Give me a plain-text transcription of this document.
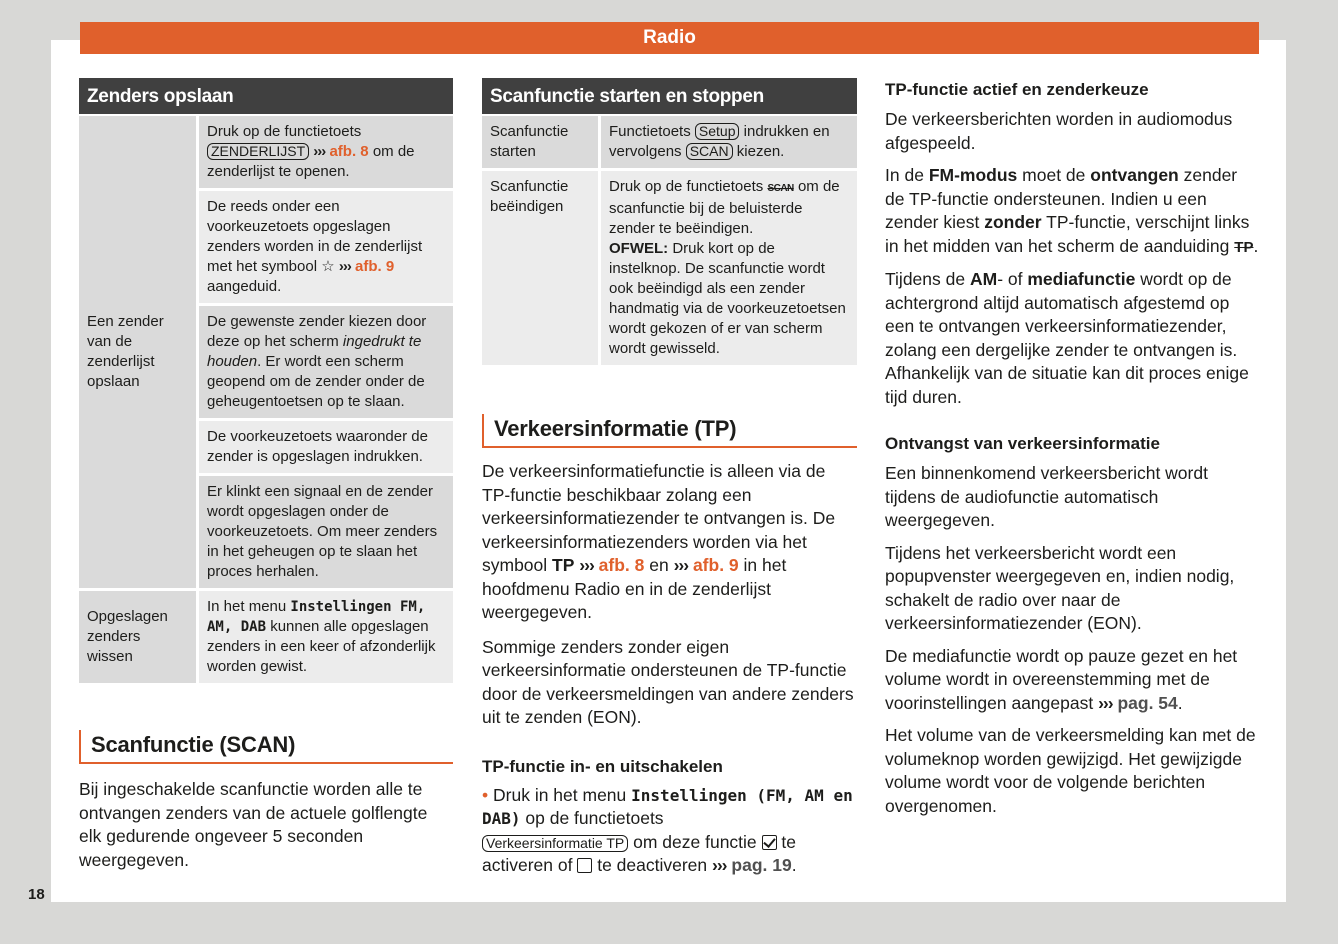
Radio
18
Zenders opslaan
Een zender van de zenderlijst opslaan	Druk op de functietoets ZENDERLIJST ››› afb. 8 om de zenderlijst te openen.
	De reeds onder een voorkeuzetoets opgeslagen zenders worden in de zenderlijst met het symbool ☆ ››› afb. 9 aangeduid.
	De gewenste zender kiezen door deze op het scherm ingedrukt te houden. Er wordt een scherm geopend om de zender onder de geheugentoetsen op te slaan.
	De voorkeuzetoets waaronder de zender is opgeslagen indrukken.
	Er klinkt een signaal en de zender wordt opgeslagen onder de voorkeuzetoets. Om meer zenders in het geheugen op te slaan het proces herhalen.
Opgeslagen zenders wissen	In het menu Instellingen FM, AM, DAB kunnen alle opgeslagen zenders in een keer of afzonderlijk worden gewist.
Scanfunctie (SCAN)

Bij ingeschakelde scanfunctie worden alle te ontvangen zenders van de actuele golflengte elk gedurende ongeveer 5 seconden weergegeven.

Scanfunctie starten en stoppen
Scanfunctie starten	Functietoets Setup indrukken en vervolgens SCAN kiezen.
Scanfunctie beëindigen	Druk op de functietoets SCAN om de scanfunctie bij de beluisterde zender te beëindigen.
OFWEL: Druk kort op de instelknop. De scanfunctie wordt ook beëindigd als een zender handmatig via de voorkeuzetoetsen wordt gekozen of er van scherm wordt gewisseld.
Verkeersinformatie (TP)

De verkeersinformatiefunctie is alleen via de TP-functie beschikbaar zolang een verkeersinformatiezender te ontvangen is. De verkeersinformatiezenders worden via het symbool TP ››› afb. 8 en ››› afb. 9 in het hoofdmenu Radio en in de zenderlijst weergegeven.

Sommige zenders zonder eigen verkeersinformatie ondersteunen de TP-functie door de verkeersmeldingen van andere zenders uit te zenden (EON).

TP-functie in- en uitschakelen

• Druk in het menu Instellingen (FM, AM en DAB) op de functietoets
Verkeersinformatie TP om deze functie te activeren of te deactiveren ››› pag. 19.

TP-functie actief en zenderkeuze

De verkeersberichten worden in audiomodus afgespeeld.

In de FM-modus moet de ontvangen zender de TP-functie ondersteunen. Indien u een zender kiest zonder TP-functie, verschijnt links in het midden van het scherm de aanduiding TP.

Tijdens de AM- of mediafunctie wordt op de achtergrond altijd automatisch afgestemd op een te ontvangen verkeersinformatiezender, zolang een dergelijke zender te ontvangen is. Afhankelijk van de situatie kan dit proces enige tijd duren.

Ontvangst van verkeersinformatie

Een binnenkomend verkeersbericht wordt tijdens de audiofunctie automatisch weergegeven.

Tijdens het verkeersbericht wordt een popupvenster weergegeven en, indien nodig, schakelt de radio over naar de verkeersinformatiezender (EON).

De mediafunctie wordt op pauze gezet en het volume wordt in overeenstemming met de voorinstellingen aangepast ››› pag. 54.

Het volume van de verkeersmelding kan met de volumeknop worden gewijzigd. Het gewijzigde volume wordt voor de volgende berichten overgenomen.
